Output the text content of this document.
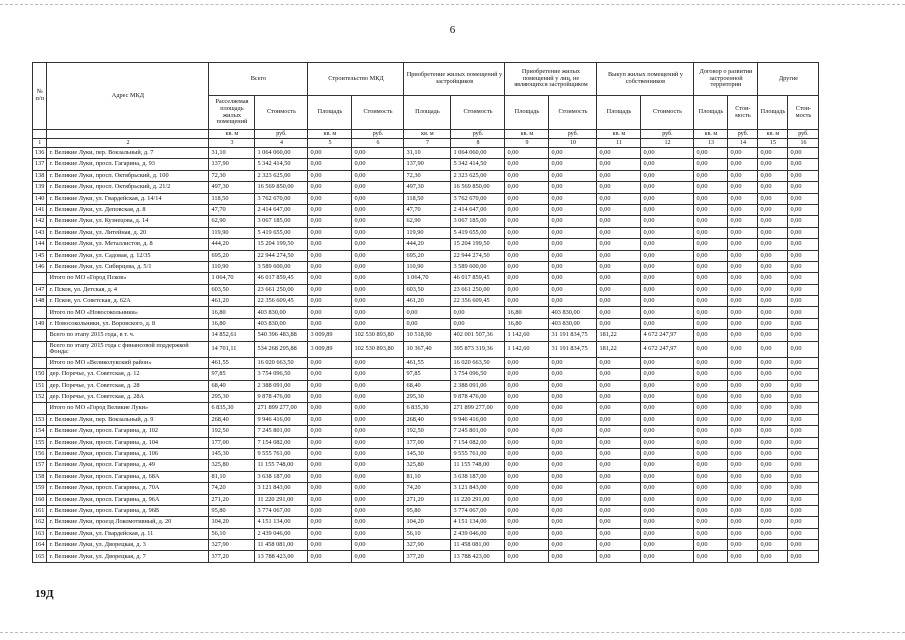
6
№ п/п	Адрес МКД	Всего		Строительство МКД		Приобретение жилых помещений у застройщиков		Приобретение жилых помещений у лиц, не являющихся застройщиком		Выкуп жилых помещений у собственников		Договор о развитии застроенной территории		Другие	
		Расселяемая площадь жилых помещений	Стоимость	Площадь	Стоимость	Площадь	Стоимость	Площадь	Стоимость	Площадь	Стоимость	Площадь	Стои-мость	Площадь	Стои-мость
		кв. м	руб.	кв. м	руб.	кв. м	руб.	кв. м	руб.	кв. м	руб.	кв. м	руб.	кв. м	руб.
1	2	3	4	5	6	7	8	9	10	11	12	13	14	15	16
136	г. Великие Луки, пер. Вокзальный, д. 7	31,10	1 064 060,00	0,00	0,00	31,10	1 064 060,00	0,00	0,00	0,00	0,00	0,00	0,00	0,00	0,00
137	г. Великие Луки, просп. Гагарина, д. 93	137,90	5 342 414,50	0,00	0,00	137,90	5 342 414,50	0,00	0,00	0,00	0,00	0,00	0,00	0,00	0,00
138	г. Великие Луки, просп. Октябрьский, д. 100	72,30	2 323 625,00	0,00	0,00	72,30	2 323 625,00	0,00	0,00	0,00	0,00	0,00	0,00	0,00	0,00
139	г. Великие Луки, просп. Октябрьский, д. 21/2	497,30	16 569 850,00	0,00	0,00	497,30	16 569 850,00	0,00	0,00	0,00	0,00	0,00	0,00	0,00	0,00
140	г. Великие Луки, ул. Гвардейская, д. 14/14	118,50	3 762 670,00	0,00	0,00	118,50	3 762 670,00	0,00	0,00	0,00	0,00	0,00	0,00	0,00	0,00
141	г. Великие Луки, ул. Деповская, д. 8	47,70	2 414 647,00	0,00	0,00	47,70	2 414 647,00	0,00	0,00	0,00	0,00	0,00	0,00	0,00	0,00
142	г. Великие Луки, ул. Кузнецова, д. 14	62,90	3 067 185,00	0,00	0,00	62,90	3 067 185,00	0,00	0,00	0,00	0,00	0,00	0,00	0,00	0,00
143	г. Великие Луки, ул. Литейная, д. 20	119,90	5 419 655,00	0,00	0,00	119,90	5 419 655,00	0,00	0,00	0,00	0,00	0,00	0,00	0,00	0,00
144	г. Великие Луки, ул. Металлистов, д. 8	444,20	15 204 199,50	0,00	0,00	444,20	15 204 199,50	0,00	0,00	0,00	0,00	0,00	0,00	0,00	0,00
145	г. Великие Луки, ул. Садовая, д. 12/35	695,20	22 944 274,50	0,00	0,00	695,20	22 944 274,50	0,00	0,00	0,00	0,00	0,00	0,00	0,00	0,00
146	г. Великие Луки, ул. Сибирцева, д. 5/1	110,90	3 589 600,00	0,00	0,00	110,90	3 589 600,00	0,00	0,00	0,00	0,00	0,00	0,00	0,00	0,00
	Итого по МО «Город Псков»	1 064,70	46 017 859,45	0,00	0,00	1 064,70	46 017 859,45	0,00	0,00	0,00	0,00	0,00	0,00	0,00	0,00
147	г. Псков, ул. Детская, д. 4	603,50	23 661 250,00	0,00	0,00	603,50	23 661 250,00	0,00	0,00	0,00	0,00	0,00	0,00	0,00	0,00
148	г. Псков, ул. Советская, д. 62А	461,20	22 356 609,45	0,00	0,00	461,20	22 356 609,45	0,00	0,00	0,00	0,00	0,00	0,00	0,00	0,00
	Итого по МО «Новосокольники»	16,80	403 830,00	0,00	0,00	0,00	0,00	16,80	403 830,00	0,00	0,00	0,00	0,00	0,00	0,00
149	г. Новосокольники, ул. Воровского, д. 8	16,80	403 830,00	0,00	0,00	0,00	0,00	16,80	403 830,00	0,00	0,00	0,00	0,00	0,00	0,00
	Всего по этапу 2015 года, в т. ч.	14 852,61	540 396 483,88	3 009,89	102 530 893,80	10 518,90	402 001 507,36	1 142,60	31 191 834,75	181,22	4 672 247,97	0,00	0,00	0,00	0,00
	Всего по этапу 2015 года с финансовой поддержкой Фонда:	14 701,11	534 268 295,88	3 009,89	102 530 893,80	10 367,40	395 873 319,36	1 142,60	31 191 834,75	181,22	4 672 247,97	0,00	0,00	0,00	0,00
	Итого по МО «Великолукский район»	461,55	16 020 663,50	0,00	0,00	461,55	16 020 663,50	0,00	0,00	0,00	0,00	0,00	0,00	0,00	0,00
150	дер. Поречье, ул. Советская, д. 12	97,85	3 754 096,50	0,00	0,00	97,85	3 754 096,50	0,00	0,00	0,00	0,00	0,00	0,00	0,00	0,00
151	дер. Поречье, ул. Советская, д. 28	68,40	2 388 091,00	0,00	0,00	68,40	2 388 091,00	0,00	0,00	0,00	0,00	0,00	0,00	0,00	0,00
152	дер. Поречье, ул. Советская, д. 28А	295,30	9 878 476,00	0,00	0,00	295,30	9 878 476,00	0,00	0,00	0,00	0,00	0,00	0,00	0,00	0,00
	Итого по МО «Город Великие Луки»	6 835,30	271 899 277,00	0,00	0,00	6 835,30	271 899 277,00	0,00	0,00	0,00	0,00	0,00	0,00	0,00	0,00
153	г. Великие Луки, пер. Вокзальный, д. 9	268,40	9 946 416,00	0,00	0,00	268,40	9 946 416,00	0,00	0,00	0,00	0,00	0,00	0,00	0,00	0,00
154	г. Великие Луки, просп. Гагарина, д. 102	192,50	7 245 801,00	0,00	0,00	192,50	7 245 801,00	0,00	0,00	0,00	0,00	0,00	0,00	0,00	0,00
155	г. Великие Луки, просп. Гагарина, д. 104	177,00	7 154 082,00	0,00	0,00	177,00	7 154 082,00	0,00	0,00	0,00	0,00	0,00	0,00	0,00	0,00
156	г. Великие Луки, просп. Гагарина, д. 106	145,30	9 555 761,00	0,00	0,00	145,30	9 555 761,00	0,00	0,00	0,00	0,00	0,00	0,00	0,00	0,00
157	г. Великие Луки, просп. Гагарина, д. 49	325,80	11 155 748,00	0,00	0,00	325,80	11 155 748,00	0,00	0,00	0,00	0,00	0,00	0,00	0,00	0,00
158	г. Великие Луки, просп. Гагарина, д. 68А	81,10	3 638 187,00	0,00	0,00	81,10	3 638 187,00	0,00	0,00	0,00	0,00	0,00	0,00	0,00	0,00
159	г. Великие Луки, просп. Гагарина, д. 70А	74,20	3 121 843,00	0,00	0,00	74,20	3 121 843,00	0,00	0,00	0,00	0,00	0,00	0,00	0,00	0,00
160	г. Великие Луки, просп. Гагарина, д. 96А	271,20	11 220 291,00	0,00	0,00	271,20	11 220 291,00	0,00	0,00	0,00	0,00	0,00	0,00	0,00	0,00
161	г. Великие Луки, просп. Гагарина, д. 96В	95,80	3 774 067,00	0,00	0,00	95,80	3 774 067,00	0,00	0,00	0,00	0,00	0,00	0,00	0,00	0,00
162	г. Великие Луки, проезд Локомотивный, д. 20	104,20	4 151 134,00	0,00	0,00	104,20	4 151 134,00	0,00	0,00	0,00	0,00	0,00	0,00	0,00	0,00
163	г. Великие Луки, ул. Гвардейская, д. 11	56,10	2 439 046,00	0,00	0,00	56,10	2 439 046,00	0,00	0,00	0,00	0,00	0,00	0,00	0,00	0,00
164	г. Великие Луки, ул. Дворецкая, д. 3	327,90	11 458 081,00	0,00	0,00	327,90	11 458 081,00	0,00	0,00	0,00	0,00	0,00	0,00	0,00	0,00
165	г. Великие Луки, ул. Дворецкая, д. 7	377,20	13 788 423,00	0,00	0,00	377,20	13 788 423,00	0,00	0,00	0,00	0,00	0,00	0,00	0,00	0,00
19Д
